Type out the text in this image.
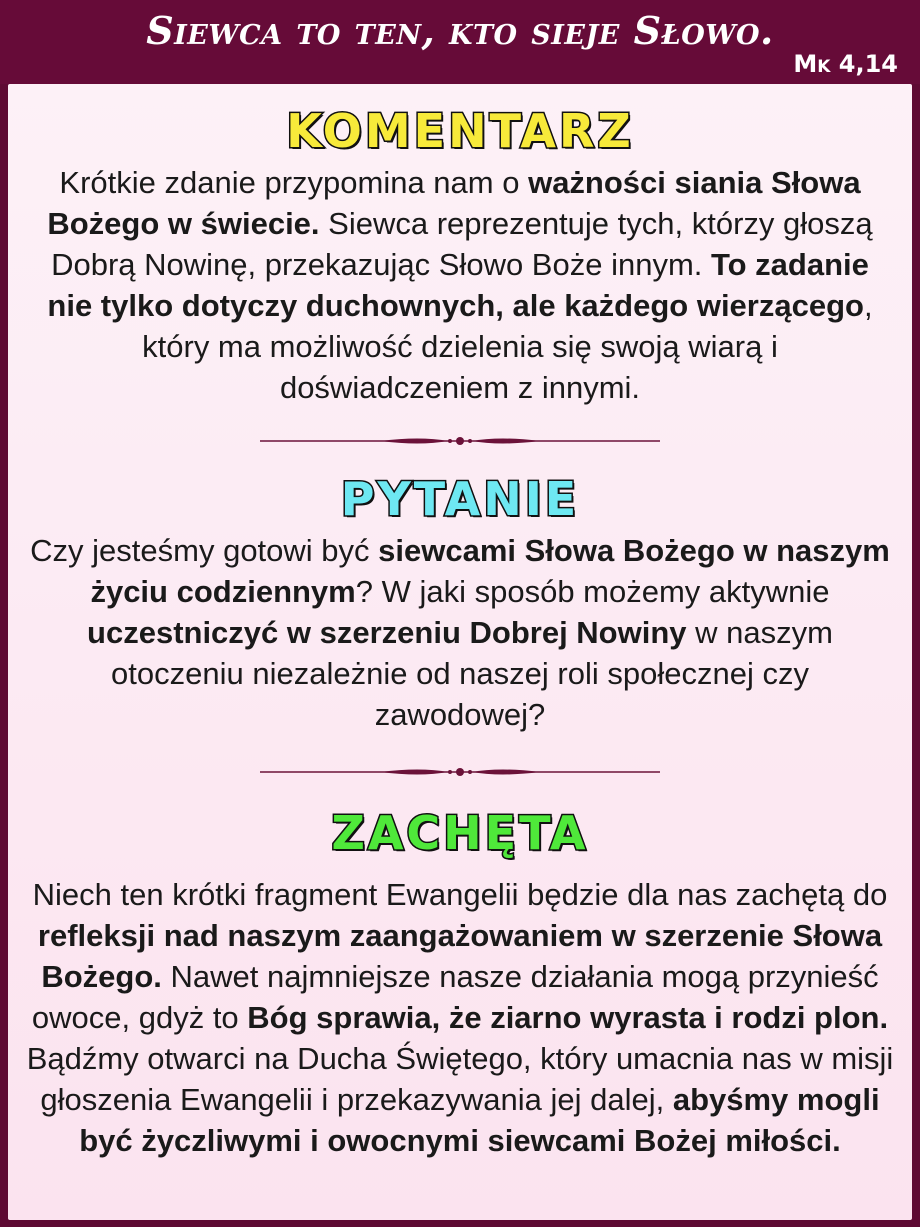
Siewca to ten, kto sieje Słowo.
Mk 4,14
KOMENTARZ

Krótkie zdanie przypomina nam o ważności siania Słowa Bożego w świecie. Siewca reprezentuje tych, którzy głoszą Dobrą Nowinę, przekazując Słowo Boże innym. To zadanie nie tylko dotyczy duchownych, ale każdego wierzącego, który ma możliwość dzielenia się swoją wiarą i doświadczeniem z innymi.

PYTANIE

Czy jesteśmy gotowi być siewcami Słowa Bożego w naszym życiu codziennym? W jaki sposób możemy aktywnie uczestniczyć w szerzeniu Dobrej Nowiny w naszym otoczeniu niezależnie od naszej roli społecznej czy zawodowej?

ZACHĘTA

Niech ten krótki fragment Ewangelii będzie dla nas zachętą do refleksji nad naszym zaangażowaniem w szerzenie Słowa Bożego. Nawet najmniejsze nasze działania mogą przynieść owoce, gdyż to Bóg sprawia, że ziarno wyrasta i rodzi plon. Bądźmy otwarci na Ducha Świętego, który umacnia nas w misji głoszenia Ewangelii i przekazywania jej dalej, abyśmy mogli być życzliwymi i owocnymi siewcami Bożej miłości.
